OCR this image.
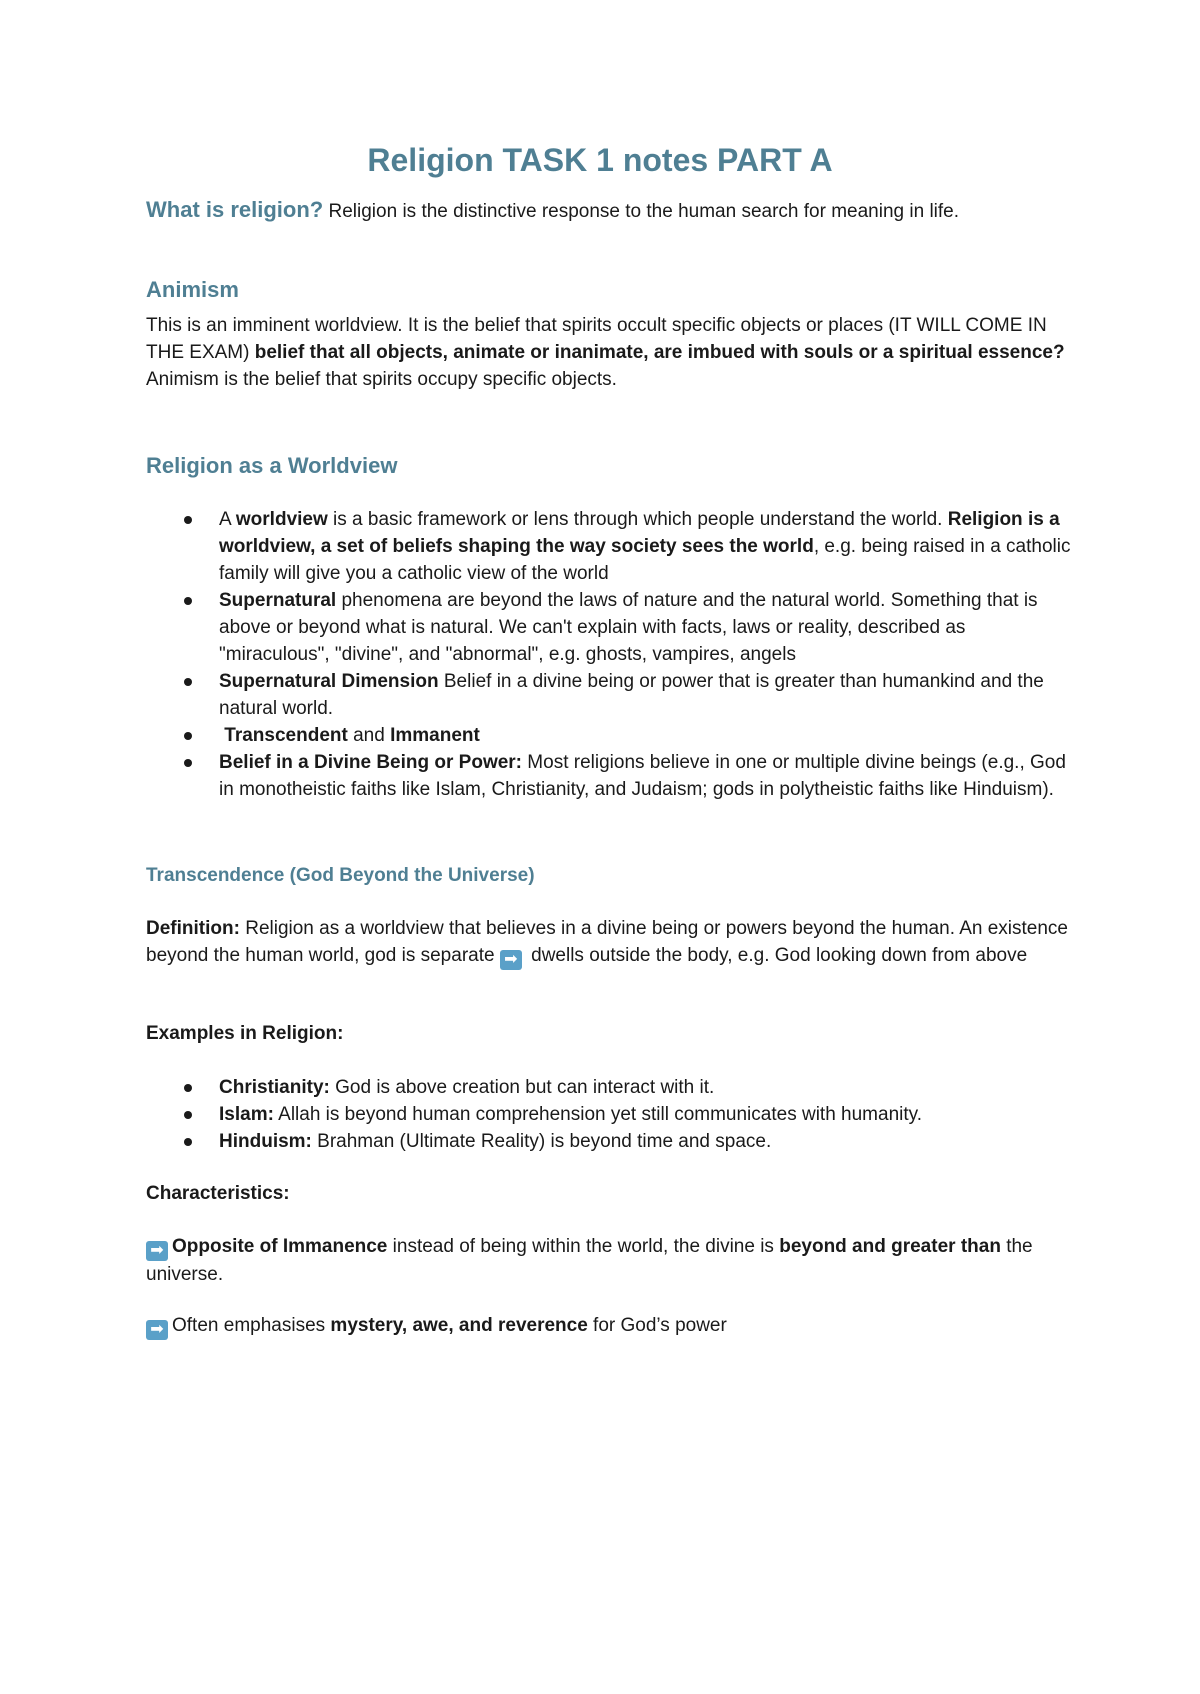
Religion TASK 1 notes PART A

What is religion? Religion is the distinctive response to the human search for meaning in life.

Animism

This is an imminent worldview. It is the belief that spirits occult specific objects or places (IT WILL COME IN THE EXAM) belief that all objects, animate or inanimate, are imbued with souls or a spiritual essence?
Animism is the belief that spirits occupy specific objects.

Religion as a Worldview

A worldview is a basic framework or lens through which people understand the world. Religion is a worldview, a set of beliefs shaping the way society sees the world, e.g. being raised in a catholic family will give you a catholic view of the world
Supernatural phenomena are beyond the laws of nature and the natural world. Something that is above or beyond what is natural. We can't explain with facts, laws or reality, described as "miraculous", "divine", and "abnormal", e.g. ghosts, vampires, angels
Supernatural Dimension Belief in a divine being or power that is greater than humankind and the natural world.
Transcendent and Immanent
Belief in a Divine Being or Power: Most religions believe in one or multiple divine beings (e.g., God in monotheistic faiths like Islam, Christianity, and Judaism; gods in polytheistic faiths like Hinduism).

Transcendence (God Beyond the Universe)

Definition: Religion as a worldview that believes in a divine being or powers beyond the human. An existence beyond the human world, god is separate ➡ dwells outside the body, e.g. God looking down from above

Examples in Religion:

Christianity: God is above creation but can interact with it.
Islam: Allah is beyond human comprehension yet still communicates with humanity.
Hinduism: Brahman (Ultimate Reality) is beyond time and space.

Characteristics:

➡ Opposite of Immanence instead of being within the world, the divine is beyond and greater than the universe.

➡ Often emphasises mystery, awe, and reverence for God’s power
